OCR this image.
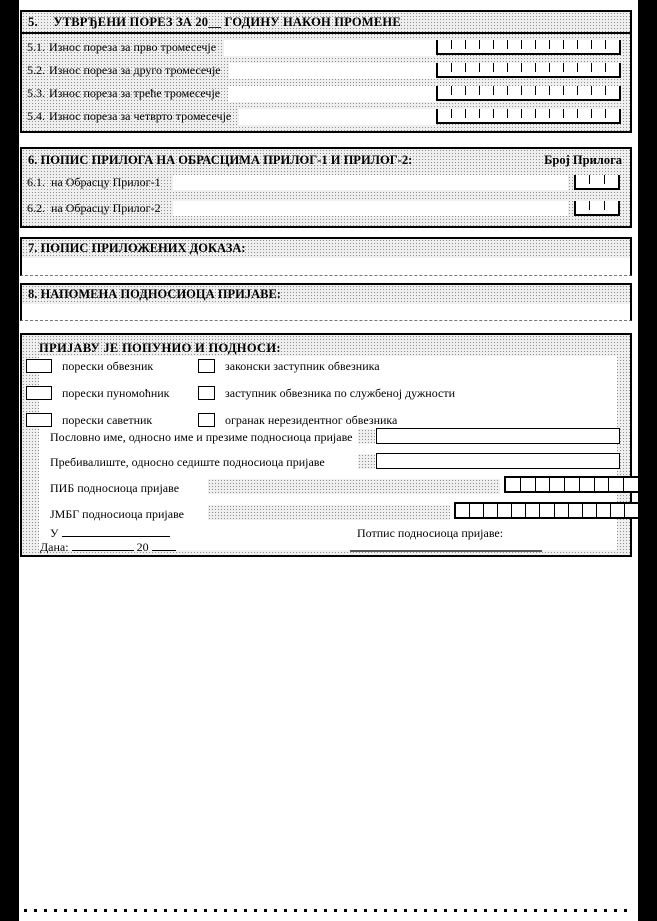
5. УТВРЂЕНИ ПОРЕЗ ЗА 20__ ГОДИНУ НАКОН ПРОМЕНЕ
5.1. Износ пореза за прво тромесечје
5.2. Износ пореза за друго тромесечје
5.3. Износ пореза за треће тромесечје
5.4. Износ пореза за четврто тромесечје
6. ПОПИС ПРИЛОГА НА ОБРАСЦИМА ПРИЛОГ-1 И ПРИЛОГ-2:	Број Прилога
6.1. на Обрасцу Прилог-1
6.2. на Обрасцу Прилог-2
7. ПОПИС ПРИЛОЖЕНИХ ДОКАЗА:
8. НАПОМЕНА ПОДНОСИОЦА ПРИЈАВЕ:
ПРИЈАВУ ЈЕ ПОПУНИО И ПОДНОСИ:
порески обвезник	законски заступник обвезника
порески пуномоћник	заступник обвезника по службеној дужности
порески саветник	огранак нерезидентног обвезника
Пословно име, односно име и презиме подносиоца пријаве
Пребивалиште, односно седиште подносиоца пријаве
ПИБ подносиоца пријаве
ЈМБГ подносиоца пријаве
У
Дана:	20
Потпис подносиоца пријаве:
